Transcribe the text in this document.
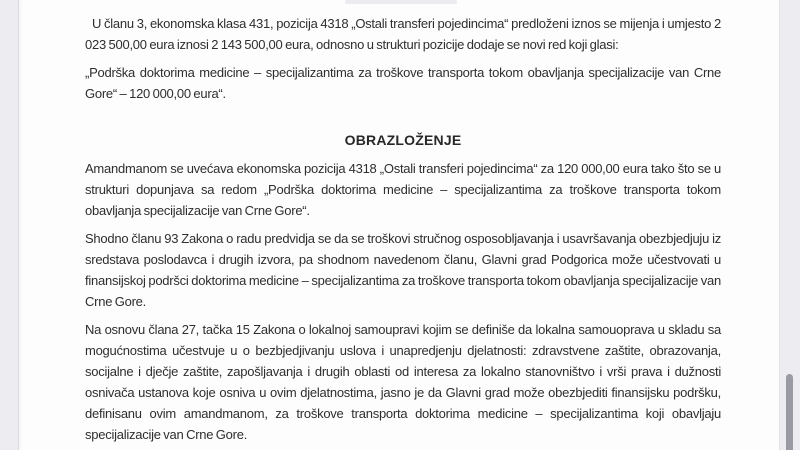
U članu 3, ekonomska klasa 431, pozicija 4318 „Ostali transferi pojedincima“ predloženi iznos se mijenja i umjesto 2 023 500,00 eura iznosi 2 143 500,00 eura, odnosno u strukturi pozicije dodaje se novi red koji glasi:

„Podrška doktorima medicine – specijalizantima za troškove transporta tokom obavljanja specijalizacije van Crne Gore“ – 120 000,00 eura“.

OBRAZLOŽENJE

Amandmanom se uvećava ekonomska pozicija 4318 „Ostali transferi pojedincima“ za 120 000,00 eura tako što se u strukturi dopunjava sa redom „Podrška doktorima medicine – specijalizantima za troškove transporta tokom obavljanja specijalizacije van Crne Gore“.

Shodno članu 93 Zakona o radu predvidja se da se troškovi stručnog osposobljavanja i usavršavanja obezbjedjuju iz sredstava poslodavca i drugih izvora, pa shodnom navedenom članu, Glavni grad Podgorica može učestvovati u finansijskoj podršci doktorima medicine – specijalizantima za troškove transporta tokom obavljanja specijalizacije van Crne Gore.

Na osnovu člana 27, tačka 15 Zakona o lokalnoj samoupravi kojim se definiše da lokalna samouoprava u skladu sa mogućnostima učestvuje u o bezbjedjivanju uslova i unapredjenju djelatnosti: zdravstvene zaštite, obrazovanja, socijalne i dječje zaštite, zapošljavanja i drugih oblasti od interesa za lokalno stanovništvo i vrši prava i dužnosti osnivača ustanova koje osniva u ovim djelatnostima, jasno je da Glavni grad može obezbjediti finansijsku podršku, definisanu ovim amandmanom, za troškove transporta doktorima medicine – specijalizantima koji obavljaju specijalizacije van Crne Gore.
